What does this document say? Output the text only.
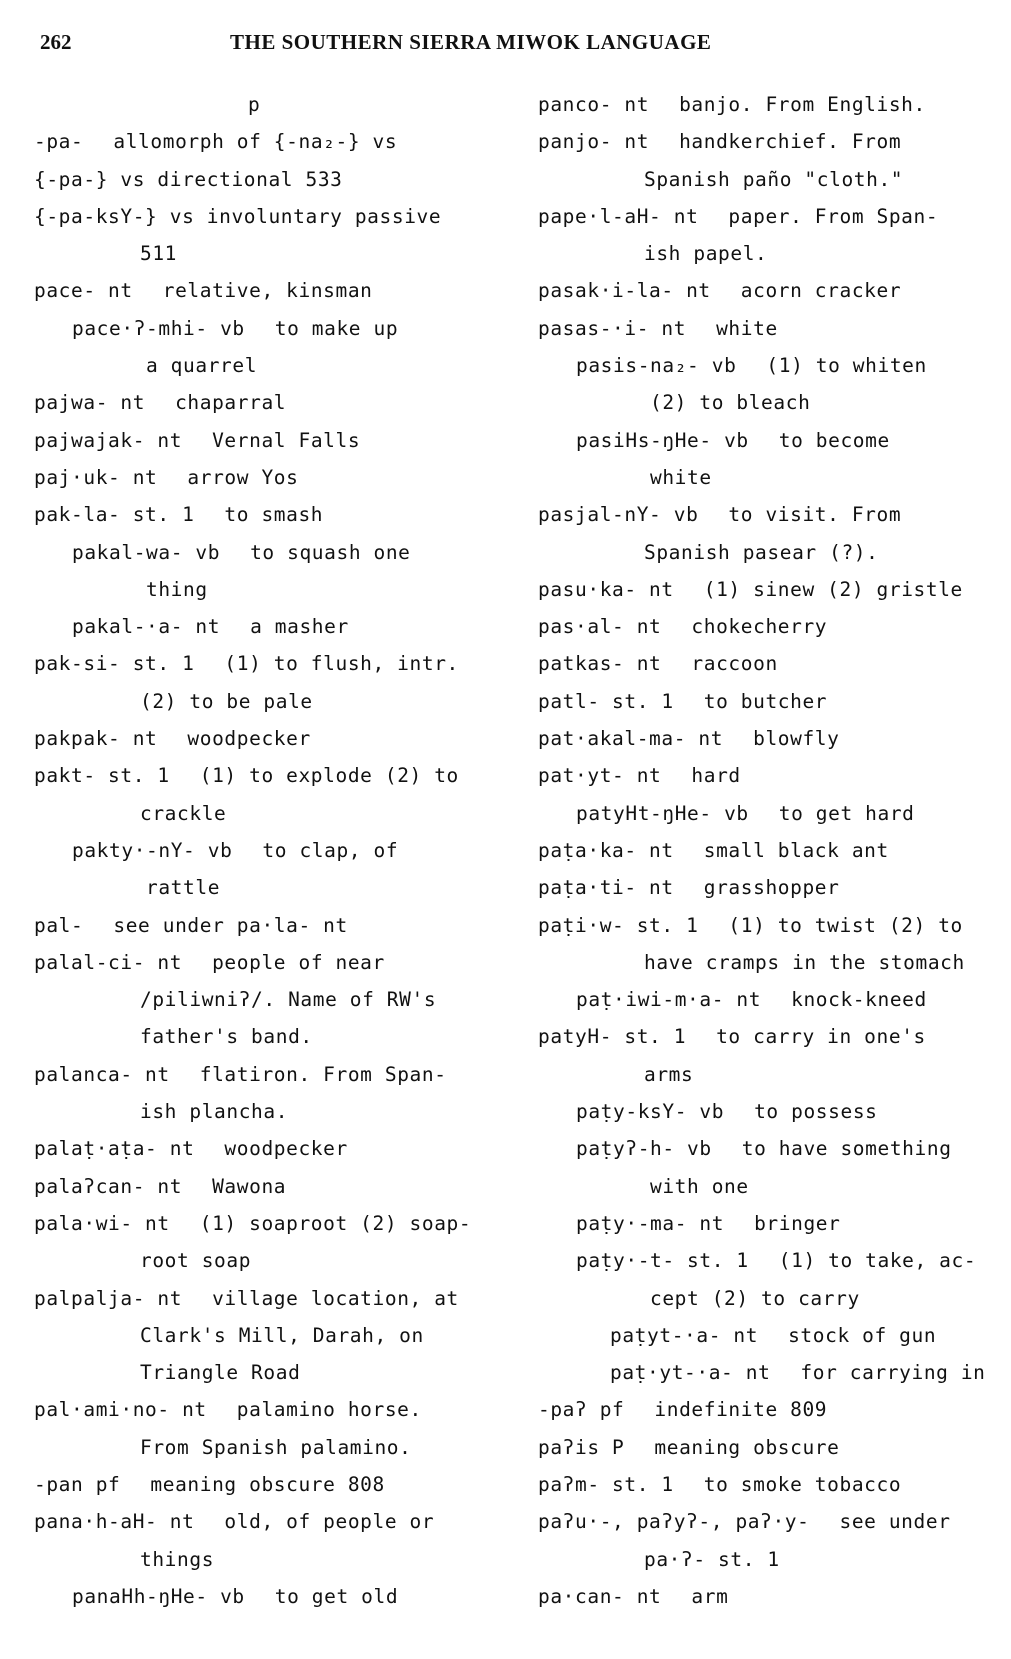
262	THE SOUTHERN SIERRA MIWOK LANGUAGE
p
-pa- allomorph of {-na₂-} vs
{-pa-} vs directional 533
{-pa-ksY-} vs involuntary passive
511
pace- nt relative, kinsman
pace·ʔ-mhi- vb to make up
a quarrel
pajwa- nt chaparral
pajwajak- nt Vernal Falls
paj·uk- nt arrow Yos
pak-la- st. 1 to smash
pakal-wa- vb to squash one
thing
pakal-·a- nt a masher
pak-si- st. 1 (1) to flush, intr.
(2) to be pale
pakpak- nt woodpecker
pakt- st. 1 (1) to explode (2) to
crackle
pakty·-nY- vb to clap, of
rattle
pal- see under pa·la- nt
palal-ci- nt people of near
/piliwniʔ/. Name of RW's
father's band.
palanca- nt flatiron. From Span-
ish plancha.
palaṭ·aṭa- nt woodpecker
palaʔcan- nt Wawona
pala·wi- nt (1) soaproot (2) soap-
root soap
palpalja- nt village location, at
Clark's Mill, Darah, on
Triangle Road
pal·ami·no- nt palamino horse.
From Spanish palamino.
-pan pf meaning obscure 808
pana·h-aH- nt old, of people or
things
panaHh-ŋHe- vb to get old
panco- nt banjo. From English.
panjo- nt handkerchief. From
Spanish paño "cloth."
pape·l-aH- nt paper. From Span-
ish papel.
pasak·i-la- nt acorn cracker
pasas-·i- nt white
pasis-na₂- vb (1) to whiten
(2) to bleach
pasiHs-ŋHe- vb to become
white
pasjal-nY- vb to visit. From
Spanish pasear (?).
pasu·ka- nt (1) sinew (2) gristle
pas·al- nt chokecherry
patkas- nt raccoon
patl- st. 1 to butcher
pat·akal-ma- nt blowfly
pat·yt- nt hard
patyHt-ŋHe- vb to get hard
paṭa·ka- nt small black ant
paṭa·ti- nt grasshopper
paṭi·w- st. 1 (1) to twist (2) to
have cramps in the stomach
paṭ·iwi-m·a- nt knock-kneed
patyH- st. 1 to carry in one's
arms
paṭy-ksY- vb to possess
paṭyʔ-h- vb to have something
with one
paṭy·-ma- nt bringer
paṭy·-t- st. 1 (1) to take, ac-
cept (2) to carry
paṭyt-·a- nt stock of gun
paṭ·yt-·a- nt for carrying in
-paʔ pf indefinite 809
paʔis P meaning obscure
paʔm- st. 1 to smoke tobacco
paʔu·-, paʔyʔ-, paʔ·y- see under
pa·ʔ- st. 1
pa·can- nt arm
